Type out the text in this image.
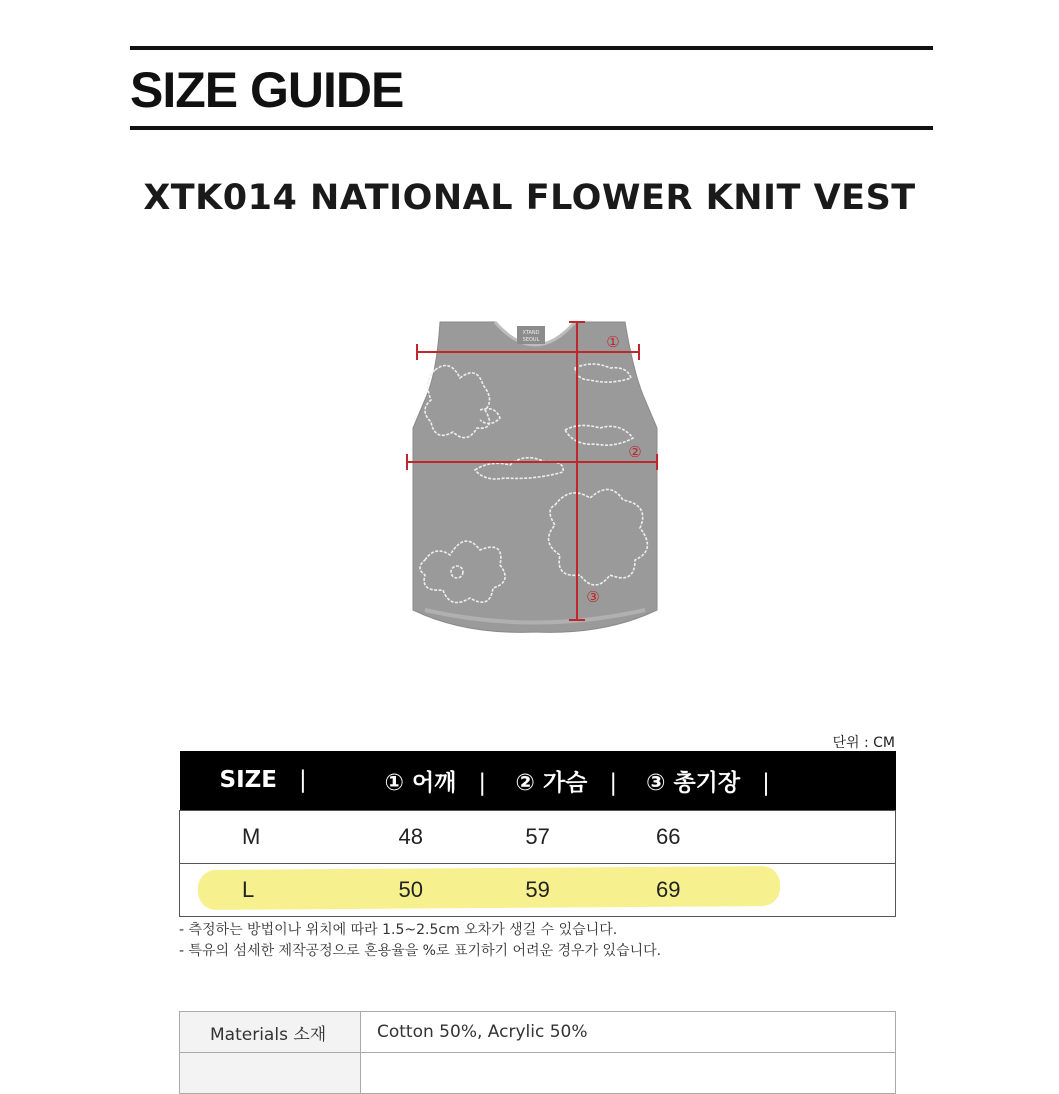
SIZE GUIDE
XTK014 NATIONAL FLOWER KNIT VEST
XTAND
SEOUL	①
②
③
단위 : CM
SIZE |	① 어깨 |	② 가슴 |	③ 총기장 |
M	48	57	66
L	50	59	69
- 측정하는 방법이나 위치에 따라 1.5~2.5cm 오차가 생길 수 있습니다.
- 특유의 섬세한 제작공정으로 혼용율을 %로 표기하기 어려운 경우가 있습니다.
Materials 소재	Cotton 50%, Acrylic 50%
